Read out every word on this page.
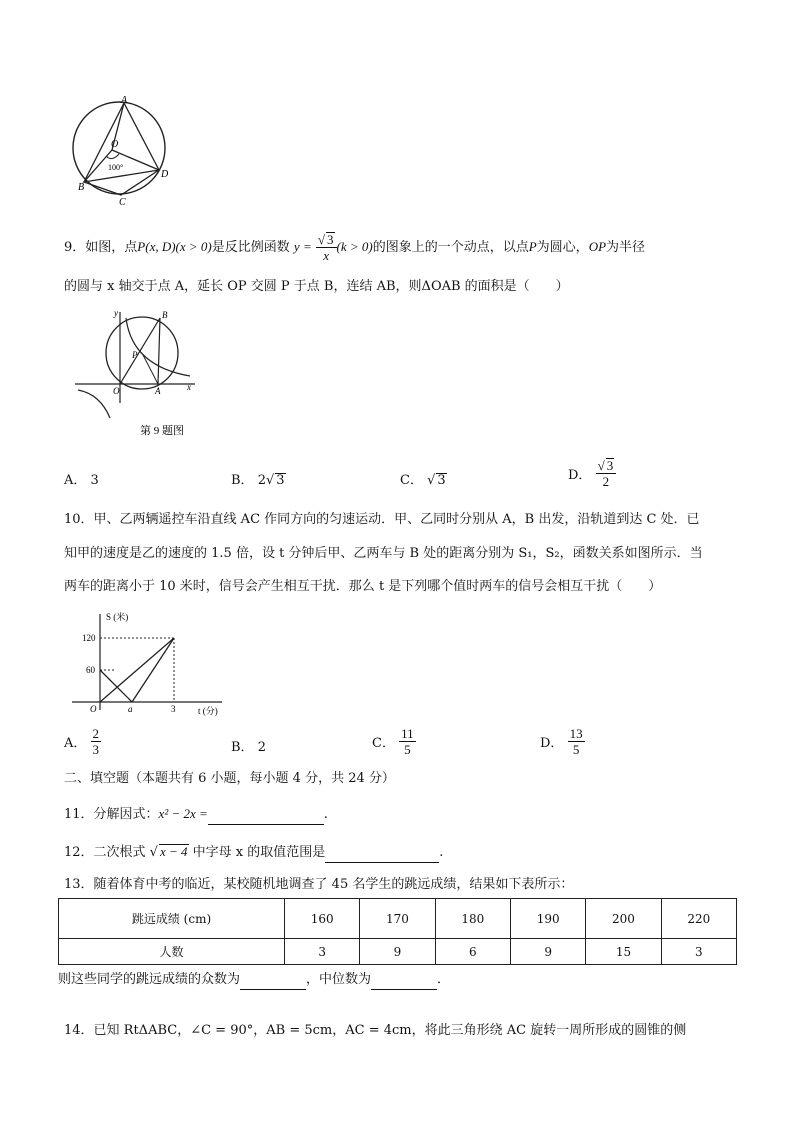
A
O
B
C
D
100°
9．如图，点P(x, D)(x > 0)是反比例函数 $y = \frac{√ 3}{x} (k > 0)$的图象上的一个动点，以点P为圆心，OP为半径
的圆与 x 轴交于点 A，延长 OP 交圆 P 于点 B，连结 AB，则ΔOAB 的面积是（　　）
y	B
P
O	A	x
第 9 题图
A． 3	B． 2√ 3	C． √ 3	D． $\frac{√ 3}{2}$
10．甲、乙两辆遥控车沿直线 AC 作同方向的匀速运动．甲、乙同时分别从 A，B 出发，沿轨道到达 C 处．已
知甲的速度是乙的速度的 1.5 倍，设 t 分钟后甲、乙两车与 B 处的距离分别为 S₁，S₂，函数关系如图所示．当
两车的距离小于 10 米时，信号会产生相互干扰．那么 t 是下列哪个值时两车的信号会相互干扰（　　）
S (米)
120
60
O	a	3	t (分)
A． $\frac{2}{3}$	B． 2	C． $\frac{11}{5}$	D． $\frac{13}{5}$
二、填空题（本题共有 6 小题，每小题 4 分，共 24 分）
11．分解因式：x² − 2x =	.
12．二次根式 √ x − 4 中字母 x 的取值范围是	.
13．随着体育中考的临近，某校随机地调查了 45 名学生的跳远成绩，结果如下表所示：
跳远成绩 (cm)	160	170	180	190	200	220
人数	3	9	6	9	15	3
则这些同学的跳远成绩的众数为	，中位数为	．
14．已知 RtΔABC，∠C = 90°，AB = 5cm，AC = 4cm，将此三角形绕 AC 旋转一周所形成的圆锥的侧
